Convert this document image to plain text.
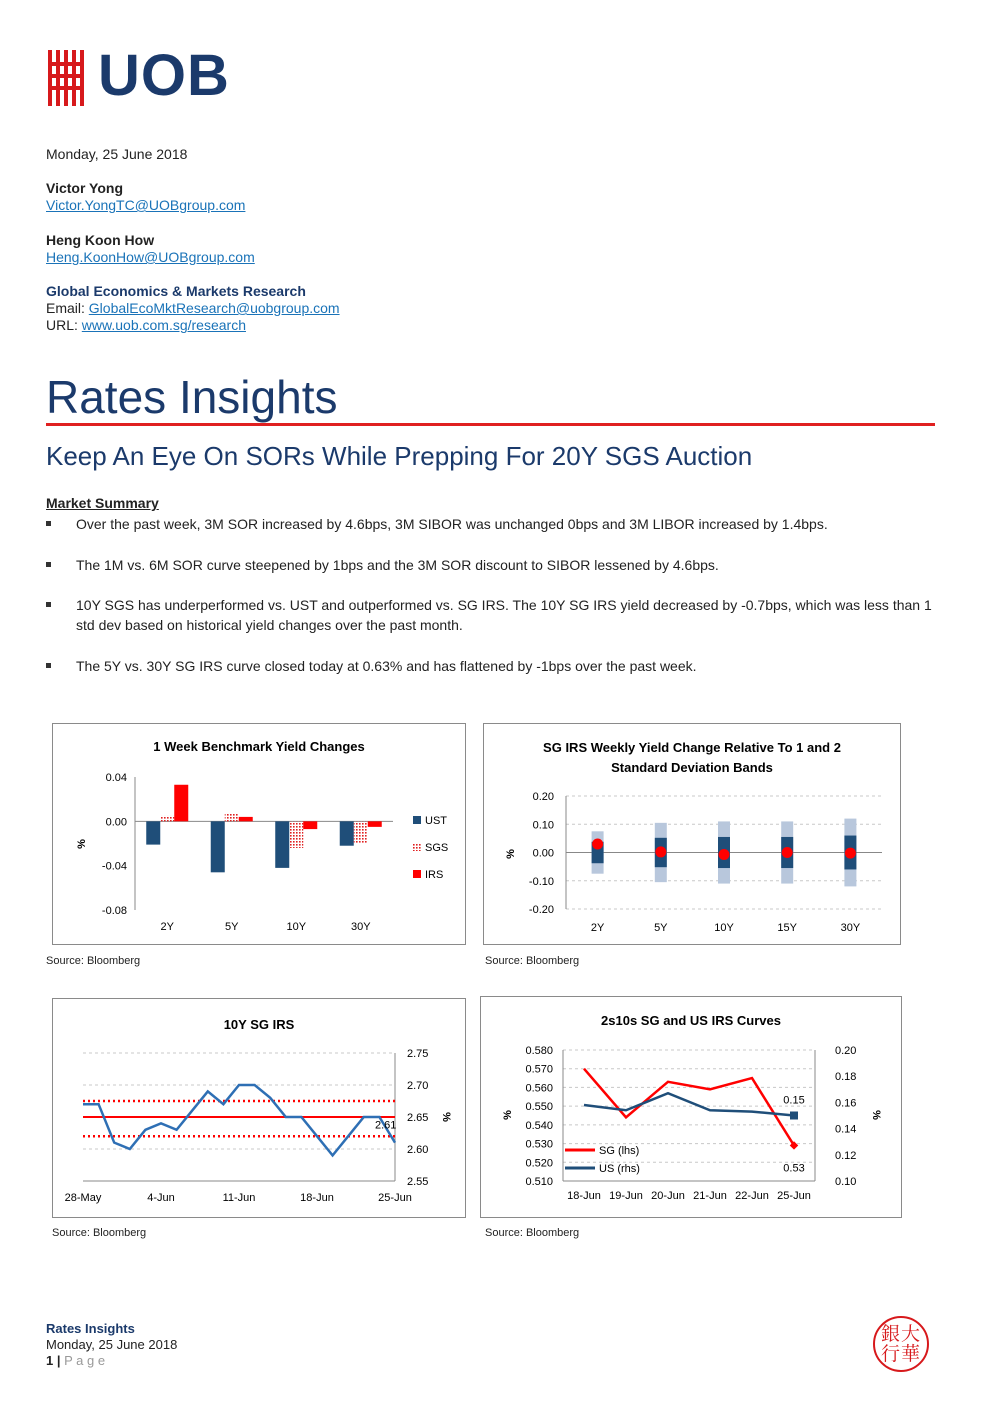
UOB
Monday, 25 June 2018
Victor Yong
Victor.YongTC@UOBgroup.com
Heng Koon How
Heng.KoonHow@UOBgroup.com
Global Economics & Markets Research
Email: GlobalEcoMktResearch@uobgroup.com
URL: www.uob.com.sg/research
Rates Insights
Keep An Eye On SORs While Prepping For 20Y SGS Auction
Market Summary
Over the past week, 3M SOR increased by 4.6bps, 3M SIBOR was unchanged 0bps and 3M LIBOR increased by 1.4bps.
The 1M vs. 6M SOR curve steepened by 1bps and the 3M SOR discount to SIBOR lessened by 4.6bps.
10Y SGS has underperformed vs. UST and outperformed vs. SG IRS. The 10Y SG IRS yield decreased by -0.7bps, which was less than 1 std dev based on historical yield changes over the past month.
The 5Y vs. 30Y SG IRS curve closed today at 0.63% and has flattened by -1bps over the past week.
1 Week Benchmark Yield Changes
%
0.04
0.00
-0.04
-0.08
2Y	5Y	10Y	30Y
UST
SGS
IRS
Source: Bloomberg
SG IRS Weekly Yield Change Relative To 1 and 2
Standard Deviation Bands
%
0.20
0.10
0.00
-0.10
-0.20
2Y	5Y	10Y	15Y	30Y
Source: Bloomberg
10Y SG IRS
2.75
2.70
2.65
2.60
2.55
%
2.61
28-May	4-Jun	11-Jun	18-Jun	25-Jun
Source: Bloomberg
2s10s SG and US IRS Curves
0.580
0.570
0.560
0.550
0.540
0.530
0.520
0.510
0.20
0.18
0.16
0.14
0.12
0.10
%	%
18-Jun 19-Jun 20-Jun 21-Jun 22-Jun 25-Jun
0.15
0.53
SG (lhs)
US (rhs)
Source: Bloomberg
Rates Insights
Monday, 25 June 2018
1 | P a g e
銀 大
行 華
